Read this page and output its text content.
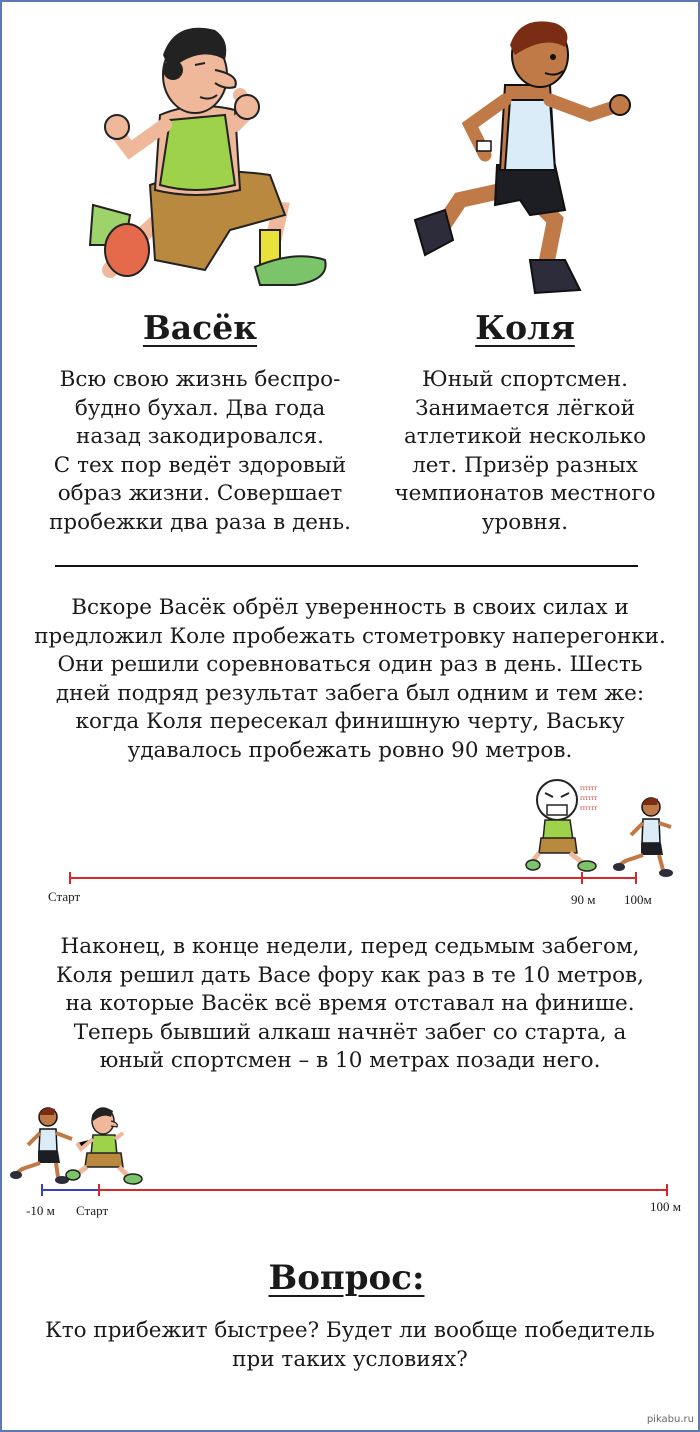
Васёк	Коля
Всю свою жизнь беспро-
будно бухал. Два года
назад закодировался.
С тех пор ведёт здоровый
образ жизни. Совершает
пробежки два раза в день.
Юный спортсмен.
Занимается лёгкой
атлетикой несколько
лет. Призёр разных
чемпионатов местного
уровня.
Вскоре Васёк обрёл уверенность в своих силах и
предложил Коле пробежать стометровку наперегонки.
Они решили соревноваться один раз в день. Шесть
дней подряд результат забега был одним и тем же:
когда Коля пересекал финишную черту, Ваську
удавалось пробежать ровно 90 метров.
rrrrrr
rrrrrr
rrrrrr
Старт	90 м 100м
Наконец, в конце недели, перед седьмым забегом,
Коля решил дать Васе фору как раз в те 10 метров,
на которые Васёк всё время отставал на финише.
Теперь бывший алкаш начнёт забег со старта, а
юный спортсмен – в 10 метрах позади него.
-10 м Старт	100 м
Вопрос:
Кто прибежит быстрее? Будет ли вообще победитель
при таких условиях?
pikabu.ru
